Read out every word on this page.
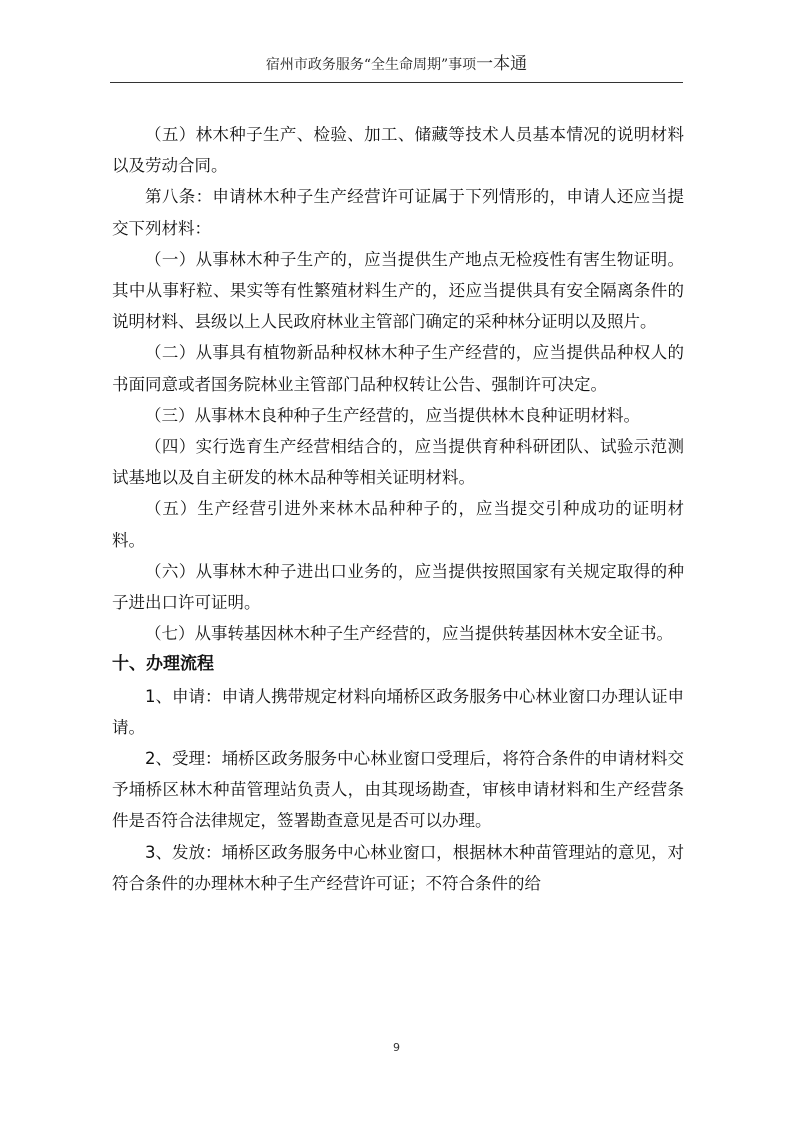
宿州市政务服务“全生命周期”事项一本通

（五）林木种子生产、检验、加工、储藏等技术人员基本情况的说明材料以及劳动合同。

第八条：申请林木种子生产经营许可证属于下列情形的，申请人还应当提交下列材料：

（一）从事林木种子生产的，应当提供生产地点无检疫性有害生物证明。其中从事籽粒、果实等有性繁殖材料生产的，还应当提供具有安全隔离条件的说明材料、县级以上人民政府林业主管部门确定的采种林分证明以及照片。

（二）从事具有植物新品种权林木种子生产经营的，应当提供品种权人的书面同意或者国务院林业主管部门品种权转让公告、强制许可决定。

（三）从事林木良种种子生产经营的，应当提供林木良种证明材料。

（四）实行选育生产经营相结合的，应当提供育种科研团队、试验示范测试基地以及自主研发的林木品种等相关证明材料。

（五）生产经营引进外来林木品种种子的，应当提交引种成功的证明材料。

（六）从事林木种子进出口业务的，应当提供按照国家有关规定取得的种子进出口许可证明。

（七）从事转基因林木种子生产经营的，应当提供转基因林木安全证书。

十、办理流程

1、申请：申请人携带规定材料向埇桥区政务服务中心林业窗口办理认证申请。

2、受理：埇桥区政务服务中心林业窗口受理后，将符合条件的申请材料交予埇桥区林木种苗管理站负责人，由其现场勘查，审核申请材料和生产经营条件是否符合法律规定，签署勘查意见是否可以办理。

3、发放：埇桥区政务服务中心林业窗口，根据林木种苗管理站的意见，对符合条件的办理林木种子生产经营许可证；不符合条件的给

9
